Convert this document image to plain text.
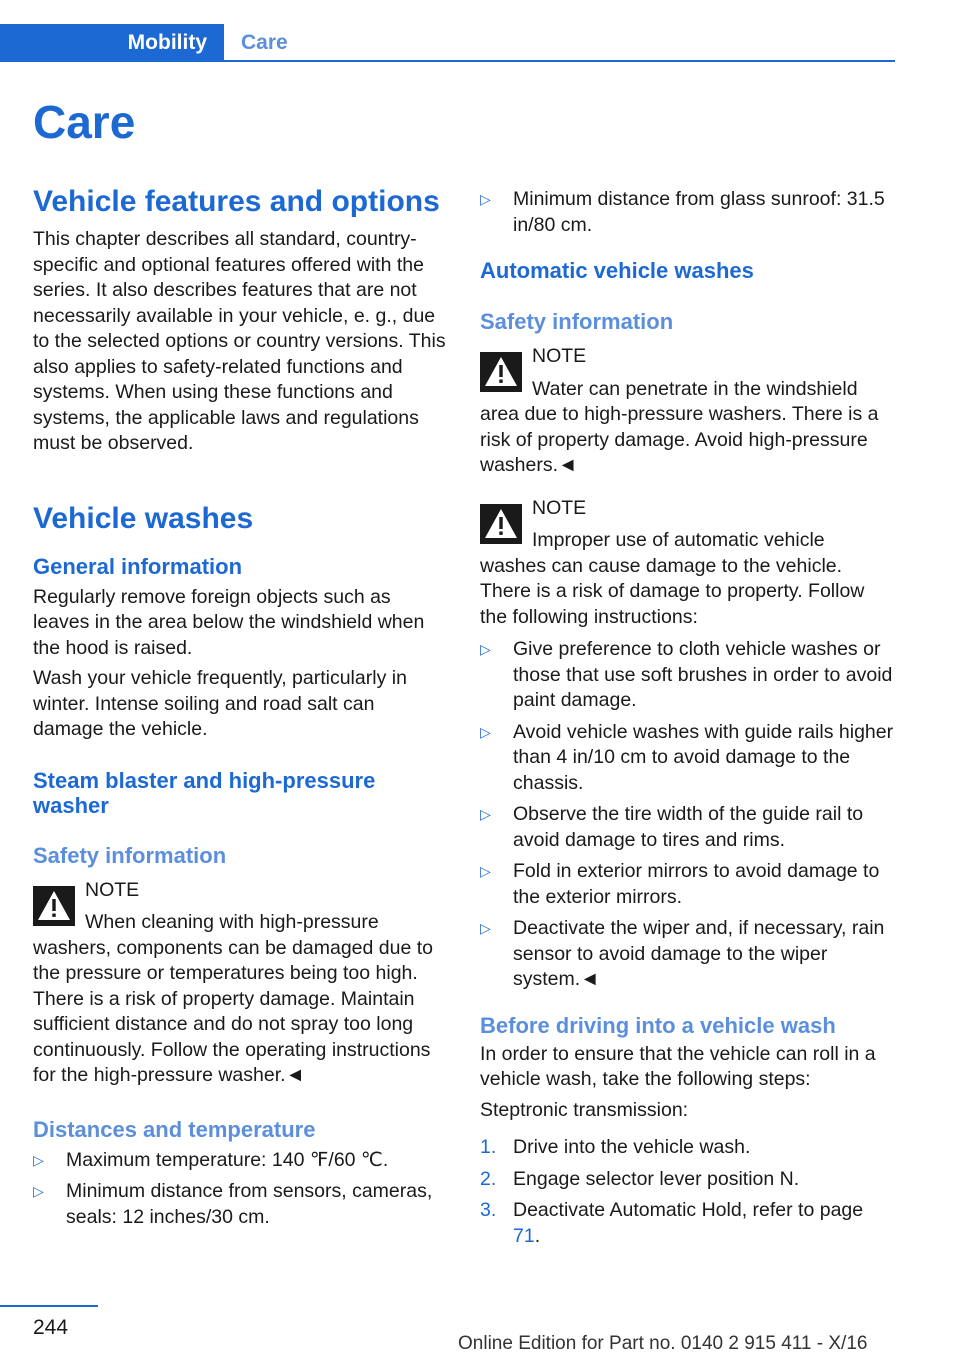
Mobility	Care
Care
Vehicle features and options
This chapter describes all standard, country-specific and optional features offered with the series. It also describes features that are not necessarily available in your vehicle, e. g., due to the selected options or country versions. This also applies to safety-related functions and systems. When using these functions and systems, the applicable laws and regulations must be observed.
Vehicle washes
General information
Regularly remove foreign objects such as leaves in the area below the windshield when the hood is raised.
Wash your vehicle frequently, particularly in winter. Intense soiling and road salt can damage the vehicle.
Steam blaster and high-pressure washer
Safety information
NOTE
When cleaning with high-pressure washers, components can be damaged due to the pressure or temperatures being too high. There is a risk of property damage. Maintain sufficient distance and do not spray too long continuously. Follow the operating instructions for the high-pressure washer.◄
Distances and temperature
▷ Maximum temperature: 140 ℉/60 ℃.
▷ Minimum distance from sensors, cameras, seals: 12 inches/30 cm.
▷ Minimum distance from glass sunroof: 31.5 in/80 cm.
Automatic vehicle washes
Safety information
NOTE
Water can penetrate in the windshield area due to high-pressure washers. There is a risk of property damage. Avoid high-pressure washers.◄
NOTE
Improper use of automatic vehicle washes can cause damage to the vehicle. There is a risk of damage to property. Follow the following instructions:
▷ Give preference to cloth vehicle washes or those that use soft brushes in order to avoid paint damage.
▷ Avoid vehicle washes with guide rails higher than 4 in/10 cm to avoid damage to the chassis.
▷ Observe the tire width of the guide rail to avoid damage to tires and rims.
▷ Fold in exterior mirrors to avoid damage to the exterior mirrors.
▷ Deactivate the wiper and, if necessary, rain sensor to avoid damage to the wiper system.◄
Before driving into a vehicle wash
In order to ensure that the vehicle can roll in a vehicle wash, take the following steps:
Steptronic transmission:
1. Drive into the vehicle wash.
2. Engage selector lever position N.
3. Deactivate Automatic Hold, refer to page 71.
244
Online Edition for Part no. 0140 2 915 411 - X/16
